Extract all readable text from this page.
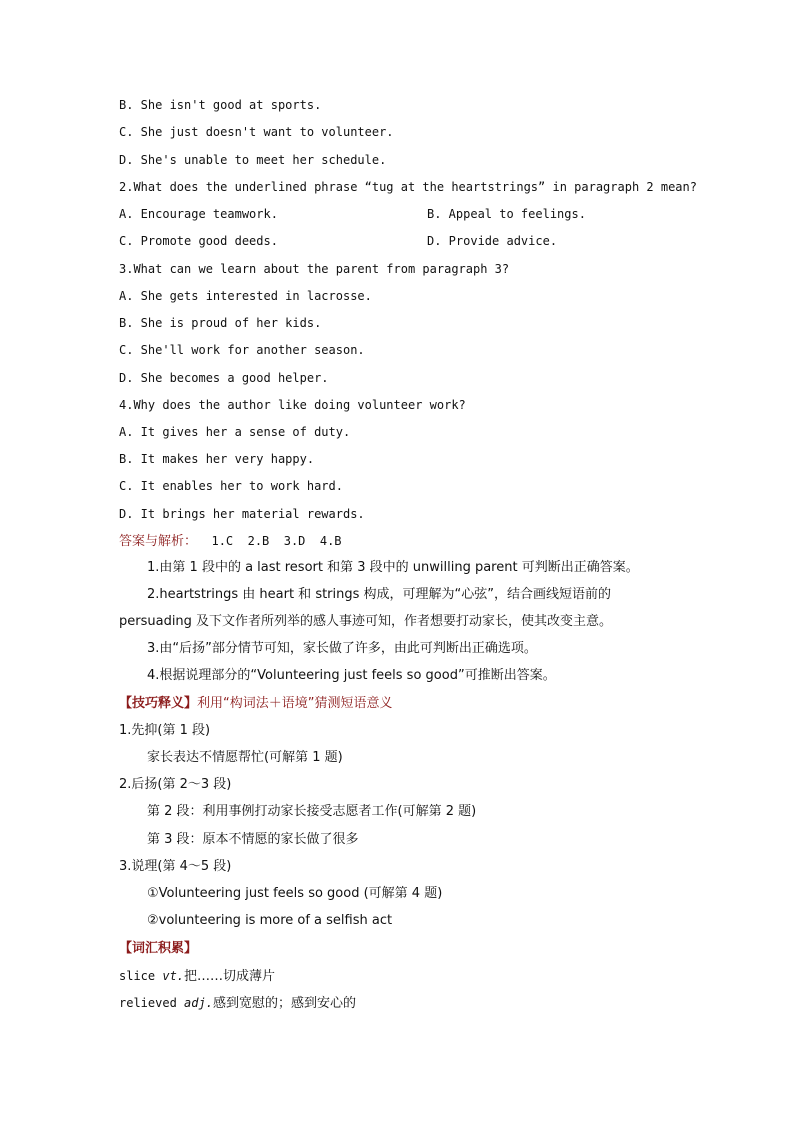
B. She isn't good at sports.
C. She just doesn't want to volunteer.
D. She's unable to meet her schedule.
2.What does the underlined phrase “tug at the heartstrings” in paragraph 2 mean?
A. Encourage teamwork.	B. Appeal to feelings.
C. Promote good deeds.	D. Provide advice.
3.What can we learn about the parent from paragraph 3?
A. She gets interested in lacrosse.
B. She is proud of her kids.
C. She'll work for another season.
D. She becomes a good helper.
4.Why does the author like doing volunteer work?
A. It gives her a sense of duty.
B. It makes her very happy.
C. It enables her to work hard.
D. It brings her material rewards.
答案与解析： 1.C  2.B  3.D  4.B
1.由第 1 段中的 a last resort 和第 3 段中的 unwilling parent 可判断出正确答案。
2.heartstrings 由 heart 和 strings 构成，可理解为“心弦”，结合画线短语前的
persuading 及下文作者所列举的感人事迹可知，作者想要打动家长，使其改变主意。
3.由“后扬”部分情节可知，家长做了许多，由此可判断出正确选项。
4.根据说理部分的“Volunteering just feels so good”可推断出答案。
【技巧释义】利用“构词法＋语境”猜测短语意义
1.先抑(第 1 段)
家长表达不情愿帮忙(可解第 1 题)
2.后扬(第 2～3 段)
第 2 段：利用事例打动家长接受志愿者工作(可解第 2 题)
第 3 段：原本不情愿的家长做了很多
3.说理(第 4～5 段)
①Volunteering just feels so good (可解第 4 题)
②volunteering is more of a selfish act
【词汇积累】
slice vt.把……切成薄片
relieved adj.感到宽慰的；感到安心的
